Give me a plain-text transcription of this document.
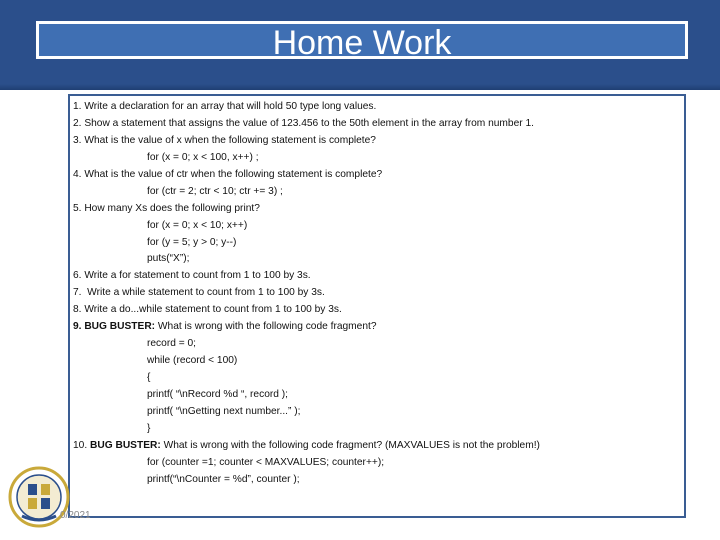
Home Work
1. Write a declaration for an array that will hold 50 type long values.
2. Show a statement that assigns the value of 123.456 to the 50th element in the array from number 1.
3. What is the value of x when the following statement is complete?
for (x = 0; x < 100, x++) ;
4. What is the value of ctr when the following statement is complete?
for (ctr = 2; ctr < 10; ctr += 3) ;
5. How many Xs does the following print?
for (x = 0; x < 10; x++)
for (y = 5; y > 0; y--)
puts(“X”);
6. Write a for statement to count from 1 to 100 by 3s.
7.  Write a while statement to count from 1 to 100 by 3s.
8. Write a do...while statement to count from 1 to 100 by 3s.
9. BUG BUSTER: What is wrong with the following code fragment?
record = 0;
while (record < 100)
{
printf( “\nRecord %d “, record );
printf( “\nGetting next number...” );
}
10. BUG BUSTER: What is wrong with the following code fragment? (MAXVALUES is not the problem!)
for (counter =1; counter < MAXVALUES; counter++);
printf(“\nCounter = %d”, counter );
0/2021
